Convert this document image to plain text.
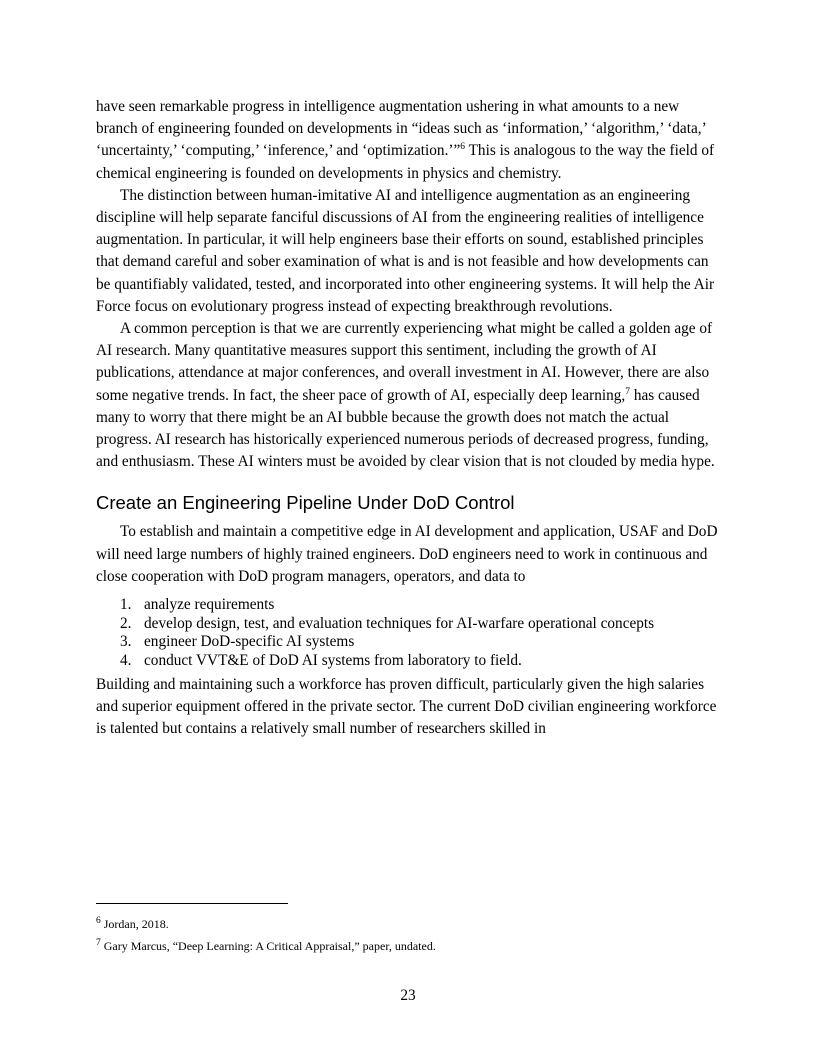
have seen remarkable progress in intelligence augmentation ushering in what amounts to a new branch of engineering founded on developments in “ideas such as ‘information,’ ‘algorithm,’ ‘data,’ ‘uncertainty,’ ‘computing,’ ‘inference,’ and ‘optimization.’”$^6$ This is analogous to the way the field of chemical engineering is founded on developments in physics and chemistry.

The distinction between human-imitative AI and intelligence augmentation as an engineering discipline will help separate fanciful discussions of AI from the engineering realities of intelligence augmentation. In particular, it will help engineers base their efforts on sound, established principles that demand careful and sober examination of what is and is not feasible and how developments can be quantifiably validated, tested, and incorporated into other engineering systems. It will help the Air Force focus on evolutionary progress instead of expecting breakthrough revolutions.

A common perception is that we are currently experiencing what might be called a golden age of AI research. Many quantitative measures support this sentiment, including the growth of AI publications, attendance at major conferences, and overall investment in AI. However, there are also some negative trends. In fact, the sheer pace of growth of AI, especially deep learning,$^7$ has caused many to worry that there might be an AI bubble because the growth does not match the actual progress. AI research has historically experienced numerous periods of decreased progress, funding, and enthusiasm. These AI winters must be avoided by clear vision that is not clouded by media hype.

Create an Engineering Pipeline Under DoD Control

To establish and maintain a competitive edge in AI development and application, USAF and DoD will need large numbers of highly trained engineers. DoD engineers need to work in continuous and close cooperation with DoD program managers, operators, and data to

1. analyze requirements
2. develop design, test, and evaluation techniques for AI-warfare operational concepts
3. engineer DoD-specific AI systems
4. conduct VVT&E of DoD AI systems from laboratory to field.

Building and maintaining such a workforce has proven difficult, particularly given the high salaries and superior equipment offered in the private sector. The current DoD civilian engineering workforce is talented but contains a relatively small number of researchers skilled in

$^6$ Jordan, 2018.

$^7$ Gary Marcus, “Deep Learning: A Critical Appraisal,” paper, undated.

23
